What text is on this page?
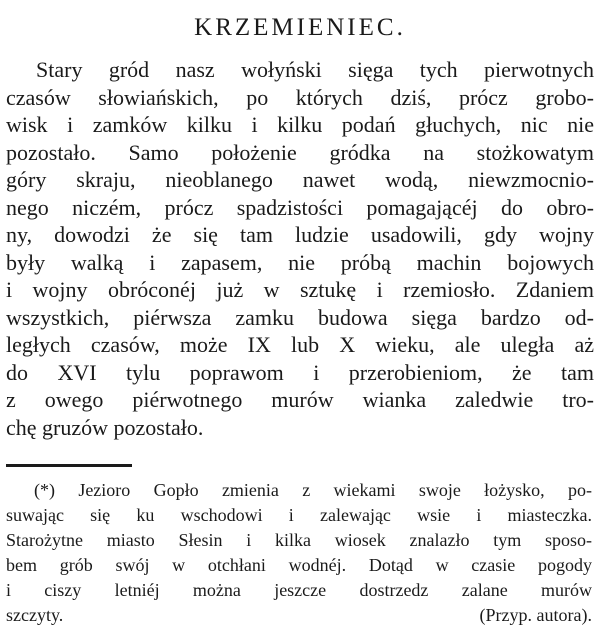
KRZEMIENIEC.
Stary gród nasz wołyński sięga tych pierwotnych
czasów słowiańskich, po których dziś, prócz grobo-
wisk i zamków kilku i kilku podań głuchych, nic nie
pozostało. Samo położenie gródka na stożkowatym
góry skraju, nieoblanego nawet wodą, niewzmocnio-
nego niczém, prócz spadzistości pomagającéj do obro-
ny, dowodzi że się tam ludzie usadowili, gdy wojny
były walką i zapasem, nie próbą machin bojowych
i wojny obróconéj już w sztukę i rzemiosło. Zdaniem
wszystkich, piérwsza zamku budowa sięga bardzo od-
ległych czasów, może IX lub X wieku, ale uległa aż
do XVI tylu poprawom i przerobieniom, że tam
z owego piérwotnego murów wianka zaledwie tro-
chę gruzów pozostało.
(*) Jezioro Gopło zmienia z wiekami swoje łożysko, po-
suwając się ku wschodowi i zalewając wsie i miasteczka.
Starożytne miasto Słesin i kilka wiosek znalazło tym sposo-
bem grób swój w otchłani wodnéj. Dotąd w czasie pogody
i ciszy letniéj można jeszcze dostrzedz zalane murów
szczyty.	(Przyp. autora).
